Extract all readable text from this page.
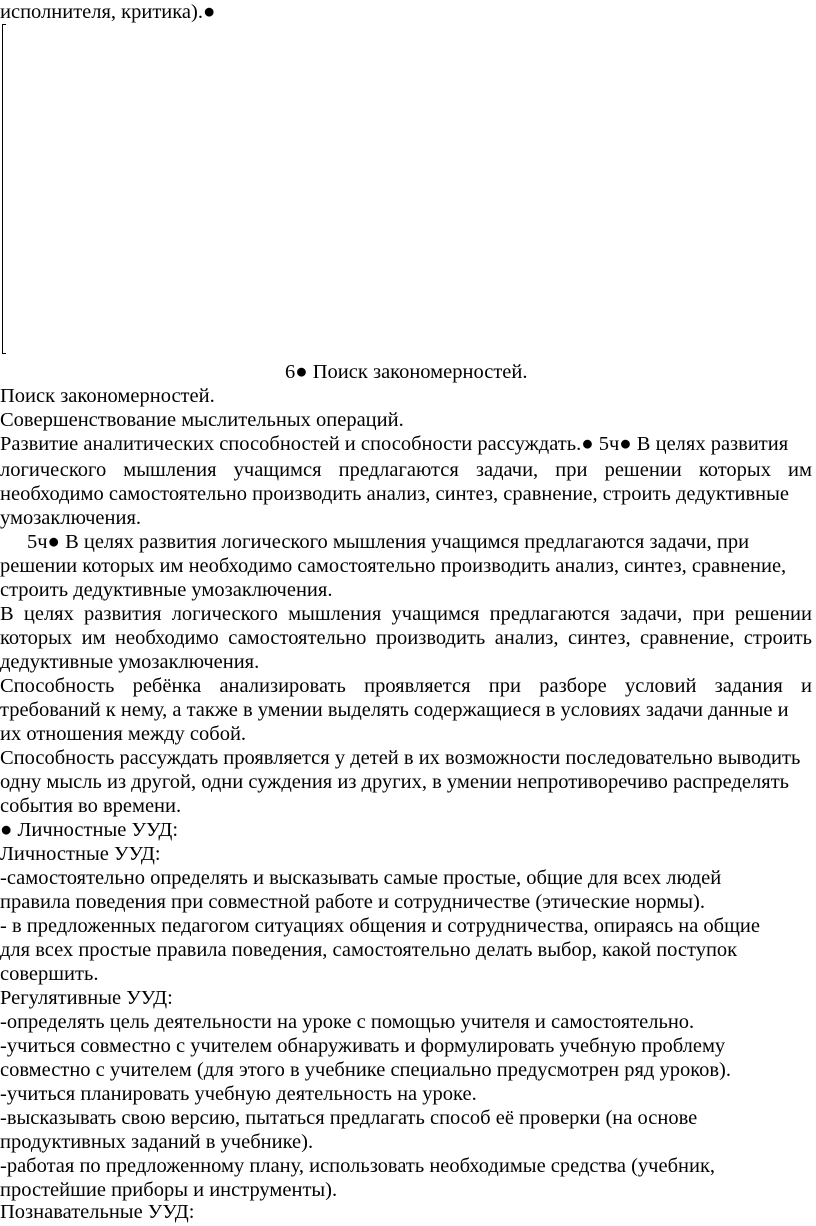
исполнителя, критика).●
6● Поиск закономерностей.
Поиск закономерностей.
Совершенствование мыслительных операций.
Развитие аналитических способностей и способности рассуждать.● 5ч● В целях развития
логического мышления учащимся предлагаются задачи, при решении которых им
необходимо самостоятельно производить анализ, синтез, сравнение, строить дедуктивные
умозаключения.
5ч● В целях развития логического мышления учащимся предлагаются задачи, при
решении которых им необходимо самостоятельно производить анализ, синтез, сравнение,
строить дедуктивные умозаключения.
В целях развития логического мышления учащимся предлагаются задачи, при решении
которых им необходимо самостоятельно производить анализ, синтез, сравнение, строить
дедуктивные умозаключения.
Способность ребёнка анализировать проявляется при разборе условий задания и
требований к нему, а также в умении выделять содержащиеся в условиях задачи данные и
их отношения между собой.
Способность рассуждать проявляется у детей в их возможности последовательно выводить
одну мысль из другой, одни суждения из других, в умении непротиворечиво распределять
события во времени.
● Личностные УУД:
Личностные УУД:
-самостоятельно определять и высказывать самые простые, общие для всех людей
правила поведения при совместной работе и сотрудничестве (этические нормы).
- в предложенных педагогом ситуациях общения и сотрудничества, опираясь на общие
для всех простые правила поведения, самостоятельно делать выбор, какой поступок
совершить.
Регулятивные УУД:
-определять цель деятельности на уроке с помощью учителя и самостоятельно.
-учиться совместно с учителем обнаруживать и формулировать учебную проблему
совместно с учителем (для этого в учебнике специально предусмотрен ряд уроков).
-учиться планировать учебную деятельность на уроке.
-высказывать свою версию, пытаться предлагать способ её проверки (на основе
продуктивных заданий в учебнике).
-работая по предложенному плану, использовать необходимые средства (учебник,
простейшие приборы и инструменты).
Познавательные УУД:
